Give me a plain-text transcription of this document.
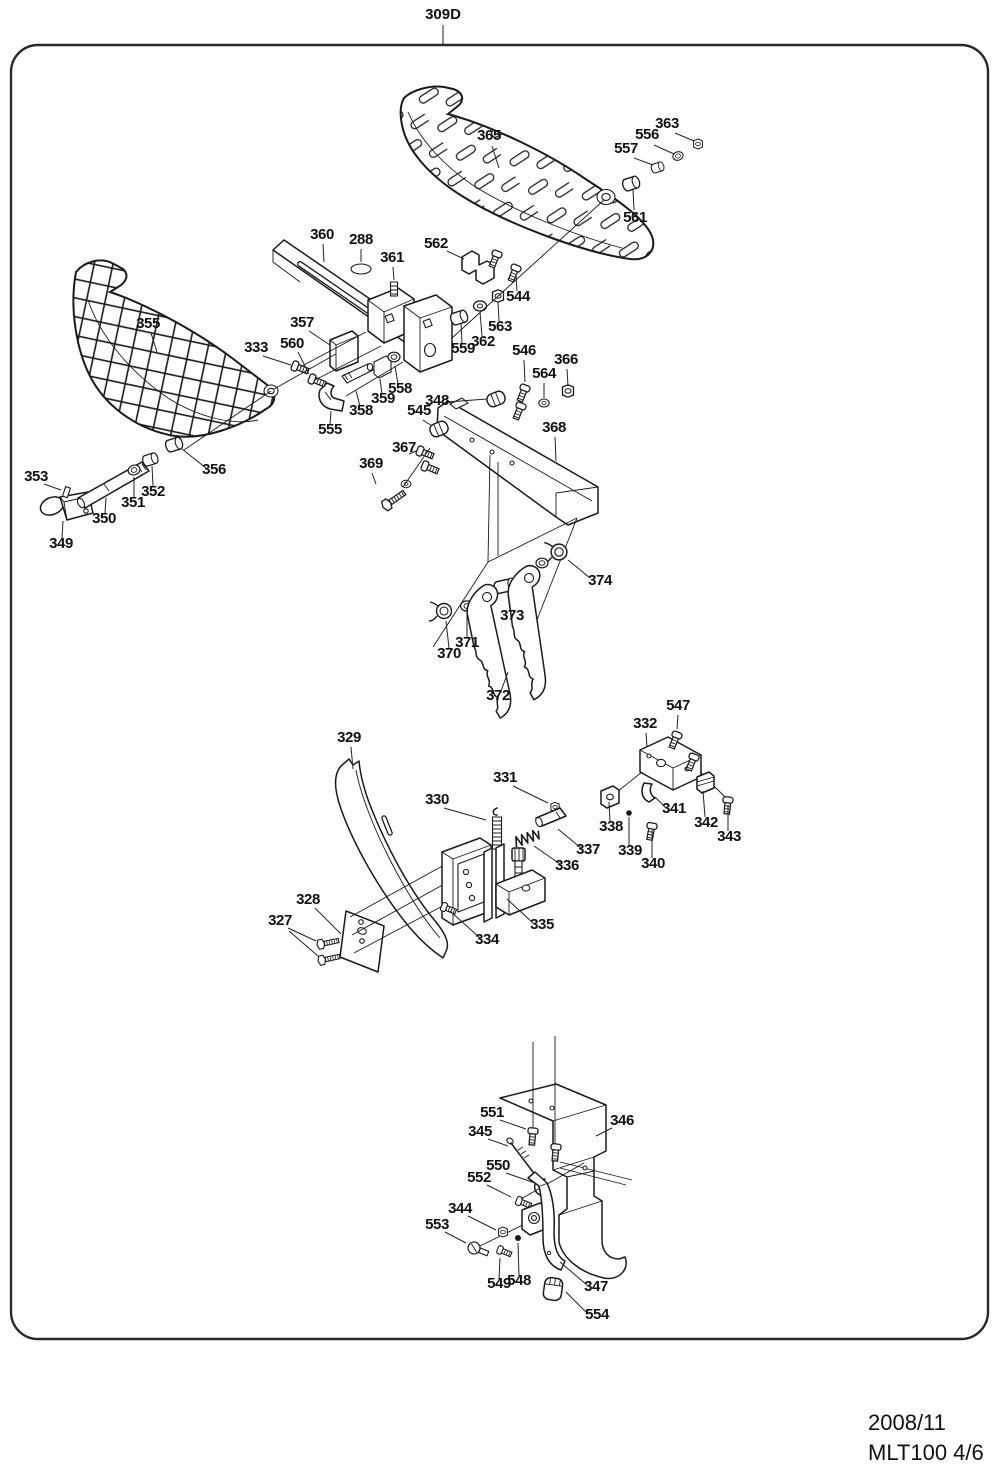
309D
365
363
556
557
561
562
544
563
362
559 546
564
366
368
360 288
361
357
560
333
355
358
359
558
555
545
348
367
369
353
349
350
351
352
356
370
371
372
373
374
329
330
331
336
337
332
547
341
338
339
340
342
343
328
327
334
335
551
345
550
552
346
344
553
549
548	347
554
2008/11
MLT100 4/6
